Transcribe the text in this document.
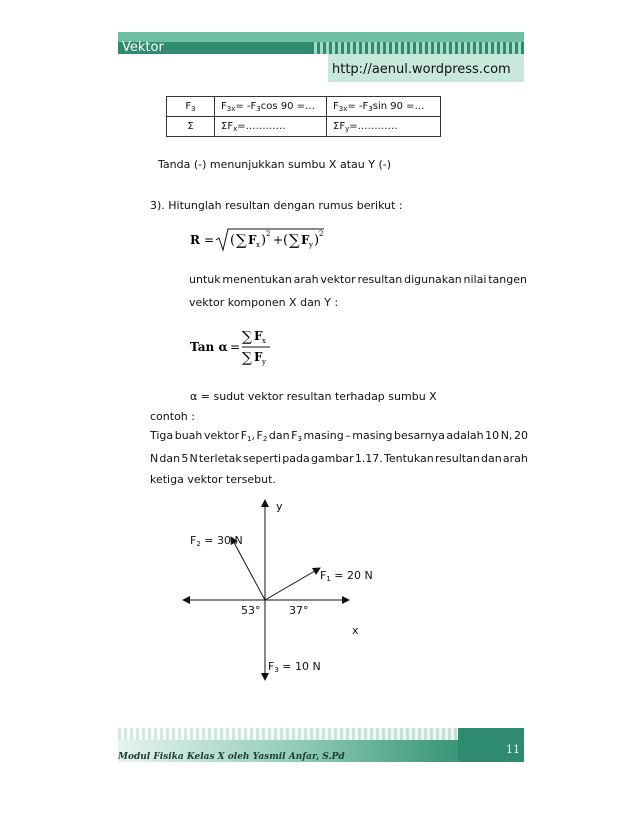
Vektor
http://aenul.wordpress.com
$F_3$	$F_{3x}= -F_3\cos$ 90 =…	$F_{3x}= -F_3\sin$ 90 =…
Σ	$\Sigma F_x=\dots\dots\dots\dots$	$\Sigma F_y=\dots\dots\dots\dots$
Tanda (-) menunjukkan sumbu X atau Y (-)
3). Hitunglah resultan dengan rumus berikut :
R = ( ∑ F x ) 2 + ( ∑ F y ) 2
untuk menentukan arah vektor resultan digunakan nilai tangen
vektor komponen X dan Y :
Tan α =
∑ F x
∑ F y
α = sudut vektor resultan terhadap sumbu X
contoh :
Tiga buah vektor $F_1$, $F_2$ dan $F_3$ masing – masing besarnya adalah 10 N, 20
N dan 5 N terletak seperti pada gambar 1.17. Tentukan resultan dan arah
ketiga vektor tersebut.
y
x
$F_2 = 30$ N
$F_1 = 20$ N
$F_3 = 10$ N
53°	37°
Modul Fisika Kelas X oleh Yasmil Anfar, S.Pd
11
